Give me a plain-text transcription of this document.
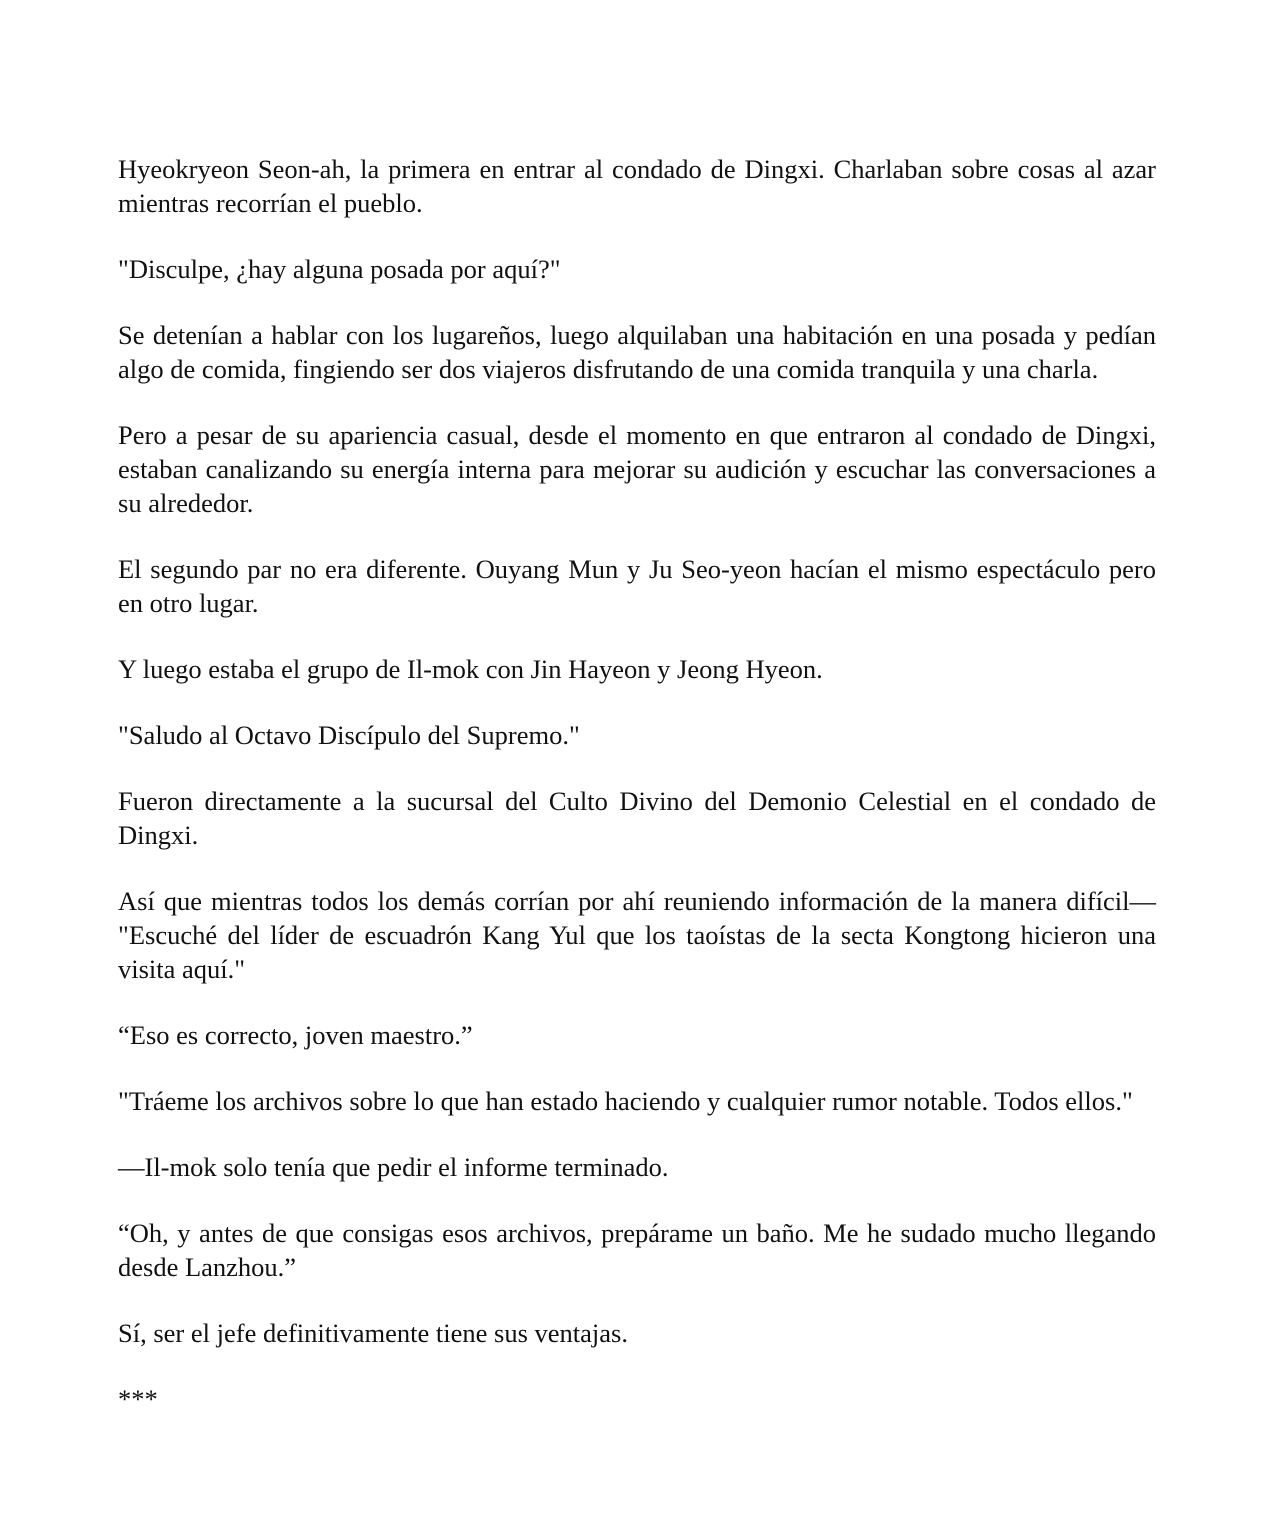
Hyeokryeon Seon-ah, la primera en entrar al condado de Dingxi. Charlaban sobre cosas al azar mientras recorrían el pueblo.

"Disculpe, ¿hay alguna posada por aquí?"

Se detenían a hablar con los lugareños, luego alquilaban una habitación en una posada y pedían algo de comida, fingiendo ser dos viajeros disfrutando de una comida tranquila y una charla.

Pero a pesar de su apariencia casual, desde el momento en que entraron al condado de Dingxi, estaban canalizando su energía interna para mejorar su audición y escuchar las conversaciones a su alrededor.

El segundo par no era diferente. Ouyang Mun y Ju Seo-yeon hacían el mismo espectáculo pero en otro lugar.

Y luego estaba el grupo de Il-mok con Jin Hayeon y Jeong Hyeon.

"Saludo al Octavo Discípulo del Supremo."

Fueron directamente a la sucursal del Culto Divino del Demonio Celestial en el condado de Dingxi.

Así que mientras todos los demás corrían por ahí reuniendo información de la manera difícil— "Escuché del líder de escuadrón Kang Yul que los taoístas de la secta Kongtong hicieron una visita aquí."

“Eso es correcto, joven maestro.”

"Tráeme los archivos sobre lo que han estado haciendo y cualquier rumor notable. Todos ellos."

—Il-mok solo tenía que pedir el informe terminado.

“Oh, y antes de que consigas esos archivos, prepárame un baño. Me he sudado mucho llegando desde Lanzhou.”

Sí, ser el jefe definitivamente tiene sus ventajas.

***
